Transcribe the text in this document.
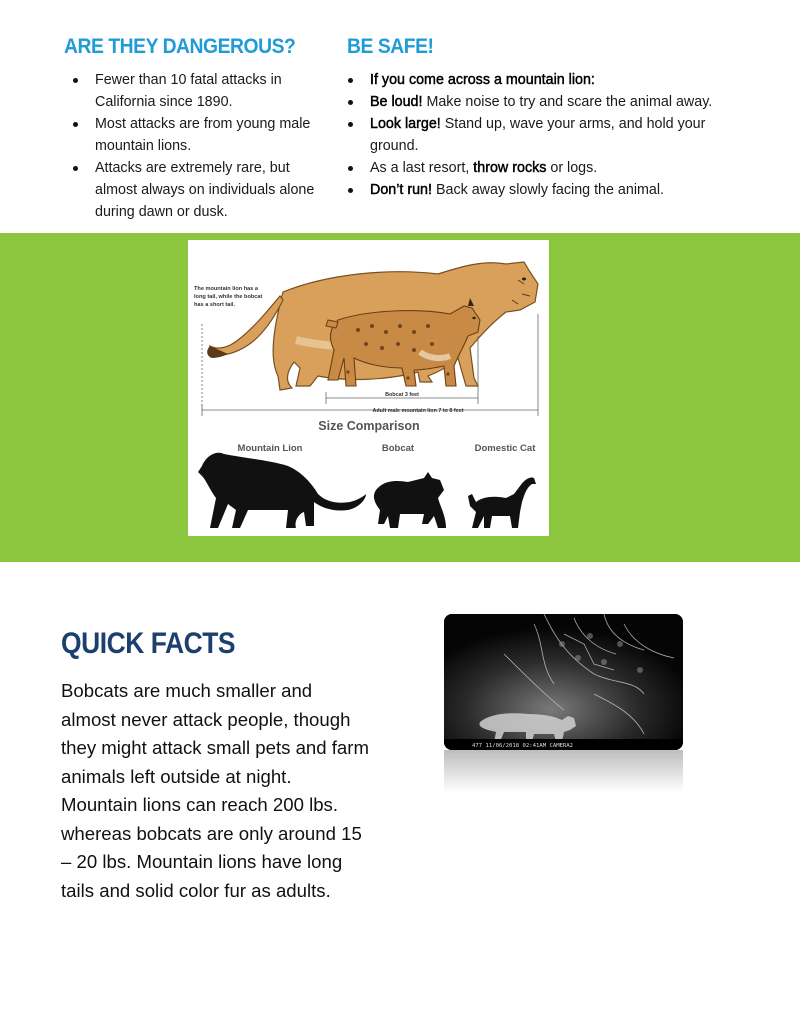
ARE THEY DANGEROUS?
Fewer than 10 fatal attacks in California since 1890.
Most attacks are from young male mountain lions.
Attacks are extremely rare, but almost always on individuals alone during dawn or dusk.
BE SAFE!
If you come across a mountain lion:
Be loud! Make noise to try and scare the animal away.
Look large! Stand up, wave your arms, and hold your ground.
As a last resort, throw rocks or logs.
Don’t run! Back away slowly facing the animal.
The mountain lion has a long tail, while the bobcat has a short tail.
Bobcat 3 feet
Adult male mountain lion 7 to 8 feet
Size Comparison
Mountain Lion	Bobcat	Domestic Cat
QUICK FACTS

Bobcats are much smaller and almost never attack people, though they might attack small pets and farm animals left outside at night. Mountain lions can reach 200 lbs. whereas bobcats are only around 15 – 20 lbs. Mountain lions have long tails and solid color fur as adults.

477 11/06/2018 02:41AM CAMERA2
